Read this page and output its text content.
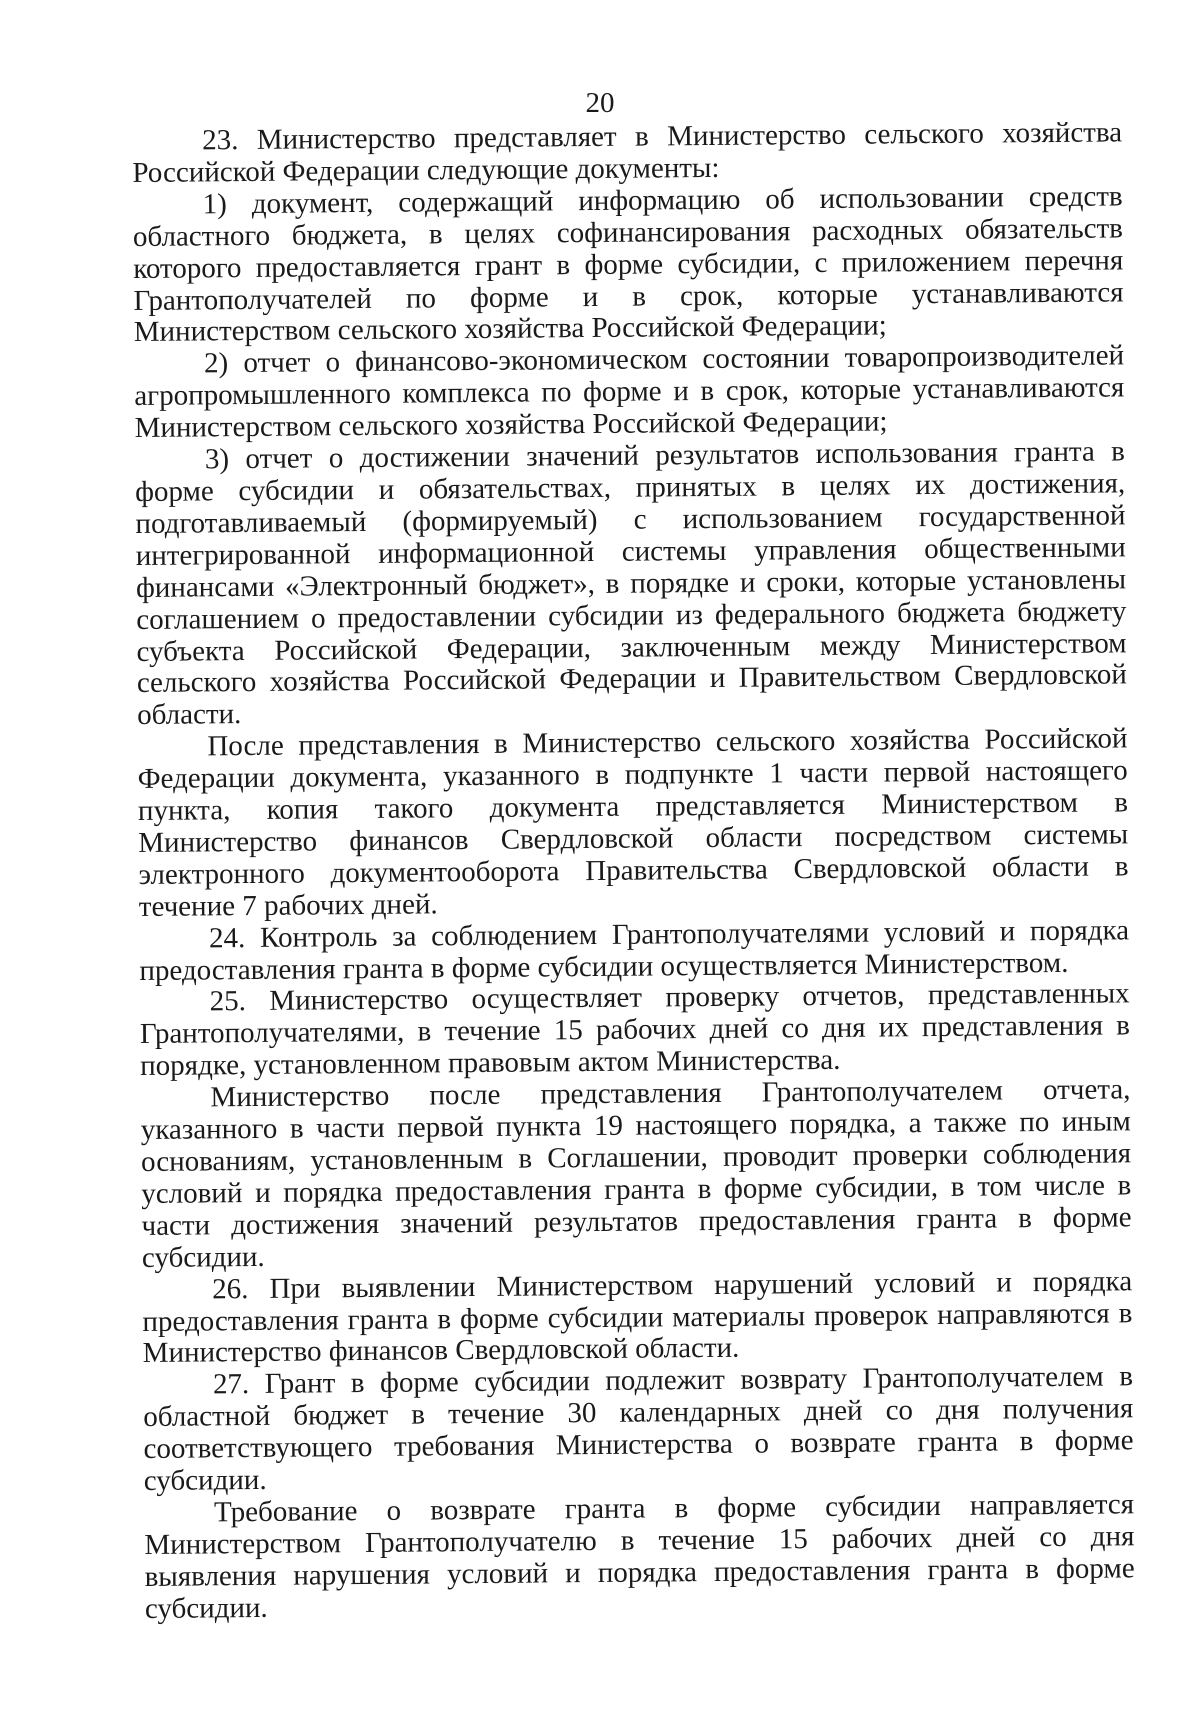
20

23. Министерство представляет в Министерство сельского хозяйства Российской Федерации следующие документы:

1) документ, содержащий информацию об использовании средств областного бюджета, в целях софинансирования расходных обязательств которого предоставляется грант в форме субсидии, с приложением перечня Грантополучателей по форме и в срок, которые устанавливаются Министерством сельского хозяйства Российской Федерации;

2) отчет о финансово-экономическом состоянии товаропроизводителей агропромышленного комплекса по форме и в срок, которые устанавливаются Министерством сельского хозяйства Российской Федерации;

3) отчет о достижении значений результатов использования гранта в форме субсидии и обязательствах, принятых в целях их достижения, подготавливаемый (формируемый) с использованием государственной интегрированной информационной системы управления общественными финансами «Электронный бюджет», в порядке и сроки, которые установлены соглашением о предоставлении субсидии из федерального бюджета бюджету субъекта Российской Федерации, заключенным между Министерством сельского хозяйства Российской Федерации и Правительством Свердловской области.

После представления в Министерство сельского хозяйства Российской Федерации документа, указанного в подпункте 1 части первой настоящего пункта, копия такого документа представляется Министерством в Министерство финансов Свердловской области посредством системы электронного документооборота Правительства Свердловской области в течение 7 рабочих дней.

24. Контроль за соблюдением Грантополучателями условий и порядка предоставления гранта в форме субсидии осуществляется Министерством.

25. Министерство осуществляет проверку отчетов, представленных Грантополучателями, в течение 15 рабочих дней со дня их представления в порядке, установленном правовым актом Министерства.

Министерство после представления Грантополучателем отчета, указанного в части первой пункта 19 настоящего порядка, а также по иным основаниям, установленным в Соглашении, проводит проверки соблюдения условий и порядка предоставления гранта в форме субсидии, в том числе в части достижения значений результатов предоставления гранта в форме субсидии.

26. При выявлении Министерством нарушений условий и порядка предоставления гранта в форме субсидии материалы проверок направляются в Министерство финансов Свердловской области.

27. Грант в форме субсидии подлежит возврату Грантополучателем в областной бюджет в течение 30 календарных дней со дня получения соответствующего требования Министерства о возврате гранта в форме субсидии.

Требование о возврате гранта в форме субсидии направляется Министерством Грантополучателю в течение 15 рабочих дней со дня выявления нарушения условий и порядка предоставления гранта в форме субсидии.
